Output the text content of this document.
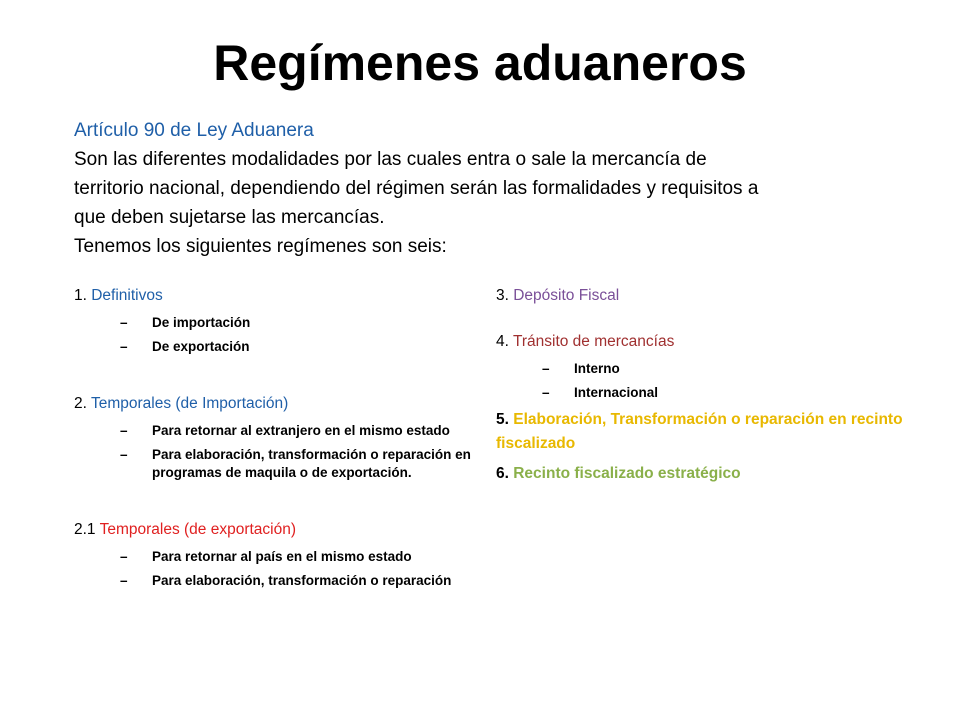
Regímenes aduaneros
Artículo 90 de Ley Aduanera
Son las diferentes modalidades por las cuales entra o sale la mercancía de
territorio nacional, dependiendo del régimen serán las formalidades y requisitos a
que deben sujetarse las mercancías.
Tenemos los siguientes regímenes son seis:
1. Definitivos
– De importación
– De exportación
2. Temporales (de Importación)
– Para retornar al extranjero en el mismo estado
– Para elaboración, transformación o reparación en programas de maquila o de exportación.
2.1 Temporales (de exportación)
– Para retornar al país en el mismo estado
– Para elaboración, transformación o reparación
3. Depósito Fiscal
4. Tránsito de mercancías
– Interno
– Internacional
5. Elaboración, Transformación o reparación en recinto fiscalizado
6. Recinto fiscalizado estratégico
